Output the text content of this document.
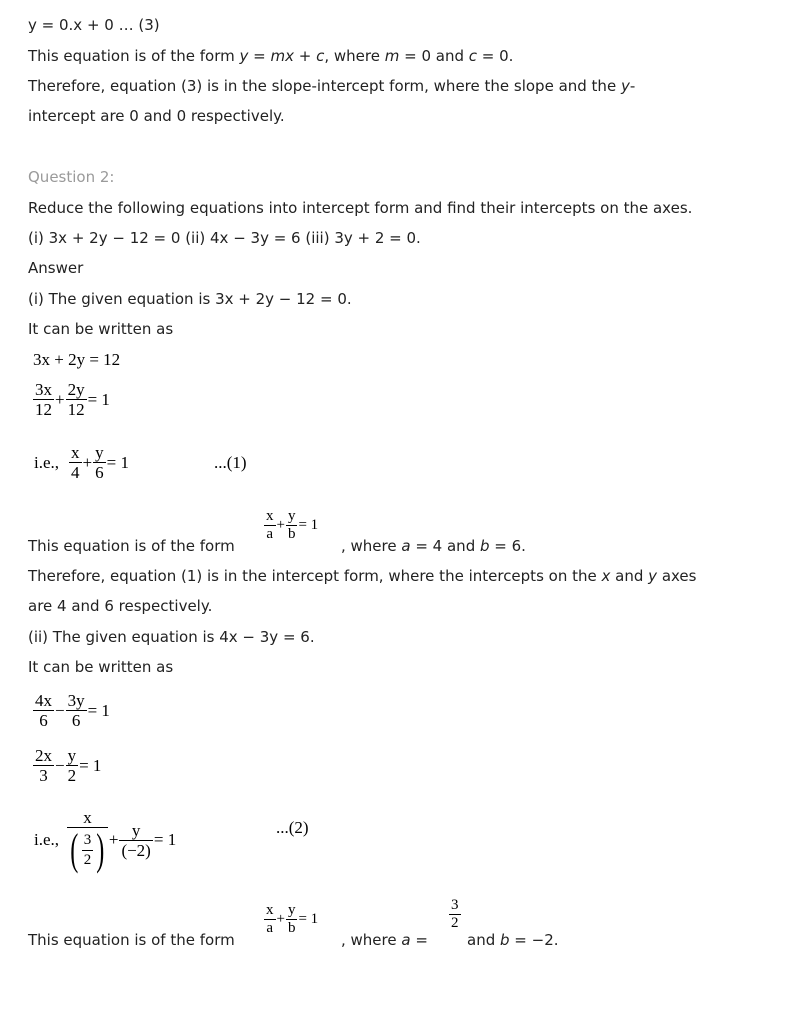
y = 0.x + 0 … (3)
This equation is of the form y = mx + c, where m = 0 and c = 0.
Therefore, equation (3) is in the slope-intercept form, where the slope and the y-
intercept are 0 and 0 respectively.
Question 2:
Reduce the following equations into intercept form and find their intercepts on the axes.
(i) 3x + 2y − 12 = 0 (ii) 4x − 3y = 6 (iii) 3y + 2 = 0.
Answer
(i) The given equation is 3x + 2y − 12 = 0.
It can be written as
3x + 2y = 12
$\frac{3x}{12} + \frac{2y}{12} = 1$
i.e., $\frac{x}{4} + \frac{y}{6} = 1$	...(1)
$\frac{x}{a} + \frac{y}{b} = 1$
This equation is of the form	, where a = 4 and b = 6.
Therefore, equation (1) is in the intercept form, where the intercepts on the x and y axes
are 4 and 6 respectively.
(ii) The given equation is 4x − 3y = 6.
It can be written as
$\frac{4x}{6} - \frac{3y}{6} = 1$
$\frac{2x}{3} - \frac{y}{2} = 1$
i.e., $\frac{x}{( \frac{3}{2} )} + \frac{y}{(-2)} = 1$
...(2)
$\frac{x}{a} + \frac{y}{b} = 1$	$\frac{3}{2}$
This equation is of the form	, where a =	and b = −2.
